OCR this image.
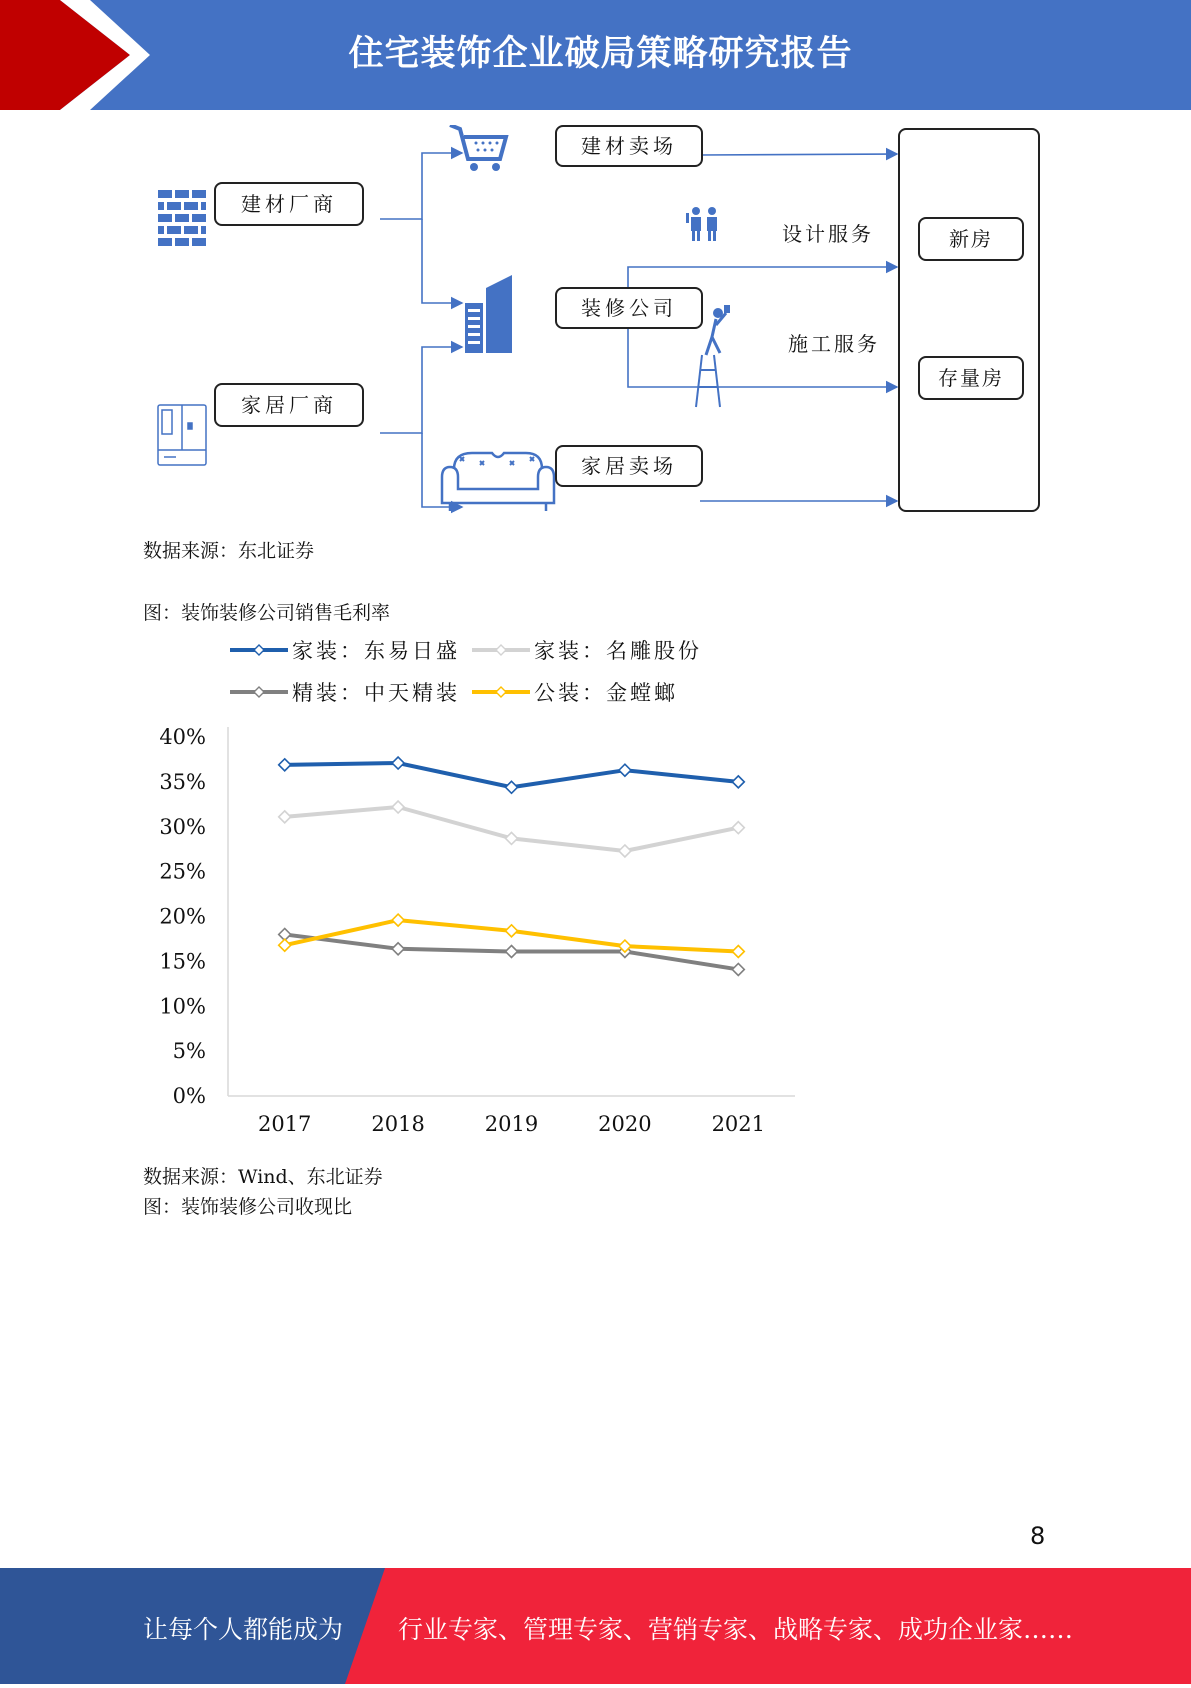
住宅装饰企业破局策略研究报告
建材厂商
家居厂商
建材卖场
装修公司
家居卖场
新房
存量房
设计服务
施工服务
数据来源：东北证券
图：装饰装修公司销售毛利率
0%
5%
10%
15%
20%
25%
30%
35%
40%
2017	2018	2019	2020	2021
家装：东易日盛	家装：名雕股份
精装：中天精装	公装：金螳螂
数据来源：Wind、东北证券
图：装饰装修公司收现比
8
让每个人都能成为 行业专家、管理专家、营销专家、战略专家、成功企业家……
